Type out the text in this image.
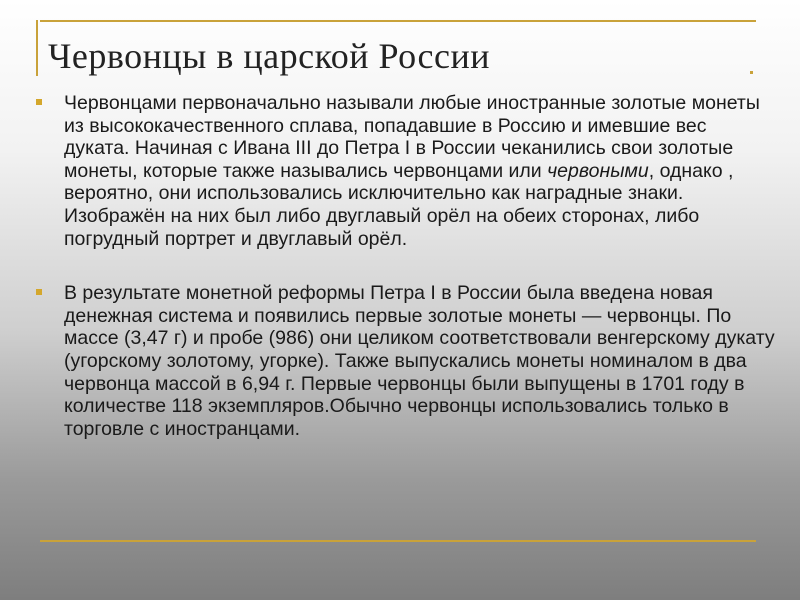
Червонцы в царской России
Червонцами первоначально называли любые иностранные золотые монеты из высококачественного сплава, попадавшие в Россию и имевшие вес дуката. Начиная с Ивана III до Петра I в России чеканились свои золотые монеты, которые также назывались червонцами или червоными, однако , вероятно, они использовались исключительно как наградные знаки. Изображён на них был либо двуглавый орёл на обеих сторонах, либо погрудный портрет и двуглавый орёл.
В результате монетной реформы Петра I в России была введена новая денежная система и появились первые золотые монеты — червонцы. По массе (3,47 г) и пробе (986) они целиком соответствовали венгерскому дукату (угорскому золотому, угорке). Также выпускались монеты номиналом в два червонца массой в 6,94 г. Первые червонцы были выпущены в 1701 году в количестве 118 экземпляров.Обычно червонцы использовались только в торговле с иностранцами.
